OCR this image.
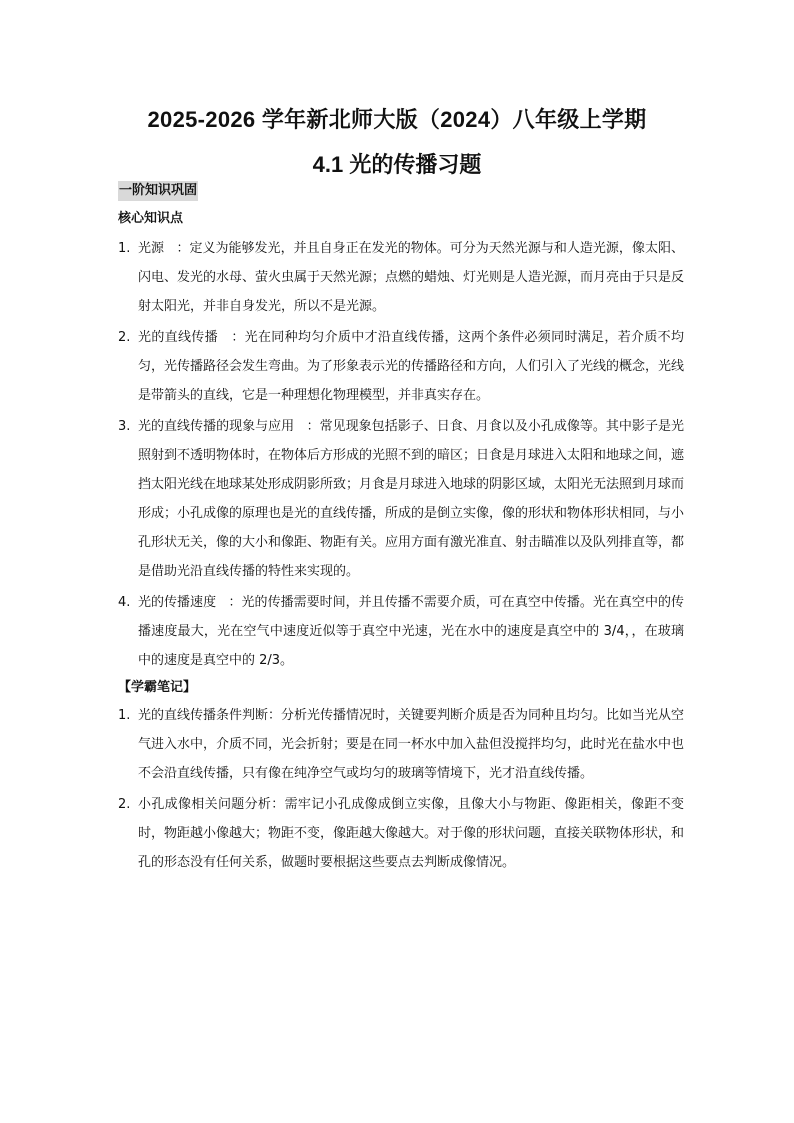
2025-2026 学年新北师大版（2024）八年级上学期
4.1 光的传播习题
一阶知识巩固
核心知识点
1. 光源 ：定义为能够发光，并且自身正在发光的物体。可分为天然光源与和人造光源，像太阳、闪电、发光的水母、萤火虫属于天然光源；点燃的蜡烛、灯光则是人造光源，而月亮由于只是反射太阳光，并非自身发光，所以不是光源。
2. 光的直线传播 ：光在同种均匀介质中才沿直线传播，这两个条件必须同时满足，若介质不均匀，光传播路径会发生弯曲。为了形象表示光的传播路径和方向，人们引入了光线的概念，光线是带箭头的直线，它是一种理想化物理模型，并非真实存在。
3. 光的直线传播的现象与应用 ：常见现象包括影子、日食、月食以及小孔成像等。其中影子是光照射到不透明物体时，在物体后方形成的光照不到的暗区；日食是月球进入太阳和地球之间，遮挡太阳光线在地球某处形成阴影所致；月食是月球进入地球的阴影区域，太阳光无法照到月球而形成；小孔成像的原理也是光的直线传播，所成的是倒立实像，像的形状和物体形状相同，与小孔形状无关，像的大小和像距、物距有关。应用方面有激光准直、射击瞄准以及队列排直等，都是借助光沿直线传播的特性来实现的。
4. 光的传播速度 ：光的传播需要时间，并且传播不需要介质，可在真空中传播。光在真空中的传播速度最大，光在空气中速度近似等于真空中光速，光在水中的速度是真空中的 3/4，，在玻璃中的速度是真空中的 2/3。
【学霸笔记】
1. 光的直线传播条件判断：分析光传播情况时，关键要判断介质是否为同种且均匀。比如当光从空气进入水中，介质不同，光会折射；要是在同一杯水中加入盐但没搅拌均匀，此时光在盐水中也不会沿直线传播，只有像在纯净空气或均匀的玻璃等情境下，光才沿直线传播。
2. 小孔成像相关问题分析：需牢记小孔成像成倒立实像，且像大小与物距、像距相关，像距不变时，物距越小像越大；物距不变，像距越大像越大。对于像的形状问题，直接关联物体形状，和孔的形态没有任何关系，做题时要根据这些要点去判断成像情况。
